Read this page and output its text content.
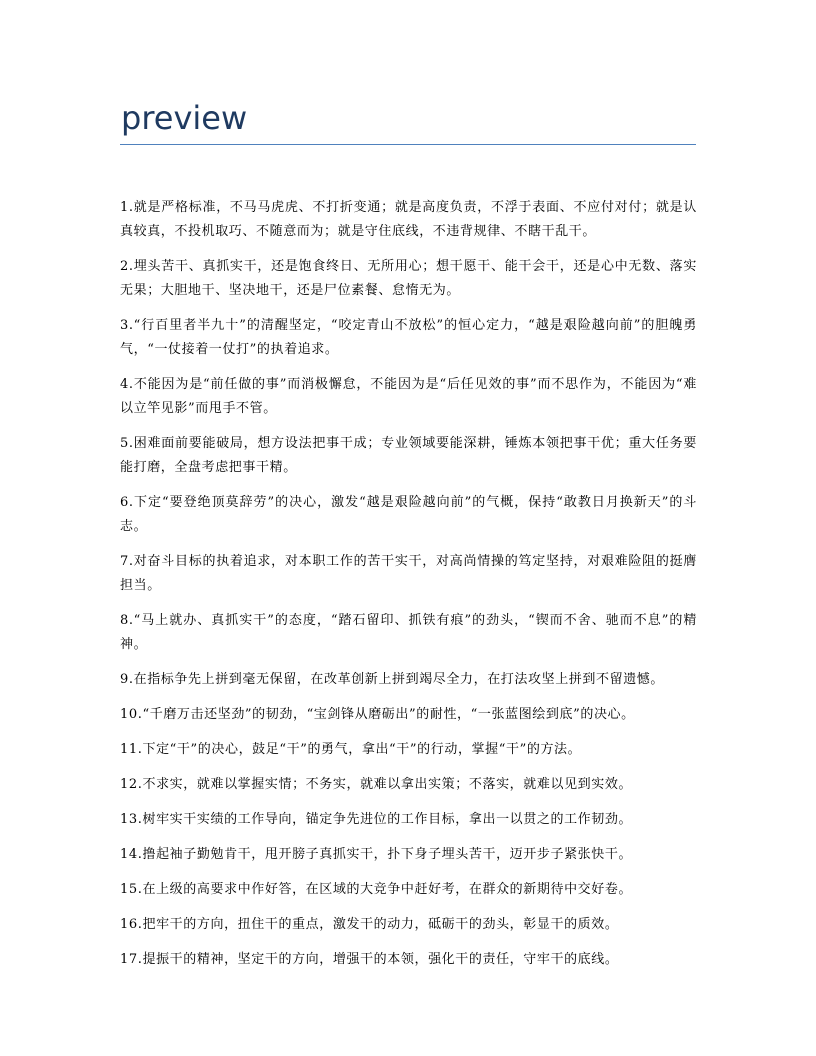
preview
1.就是严格标准，不马马虎虎、不打折变通；就是高度负责，不浮于表面、不应付对付；就是认真较真，不投机取巧、不随意而为；就是守住底线，不违背规律、不瞎干乱干。
2.埋头苦干、真抓实干，还是饱食终日、无所用心；想干愿干、能干会干，还是心中无数、落实无果；大胆地干、坚决地干，还是尸位素餐、怠惰无为。
3.“行百里者半九十”的清醒坚定，“咬定青山不放松”的恒心定力，“越是艰险越向前”的胆魄勇气，“一仗接着一仗打”的执着追求。
4.不能因为是“前任做的事”而消极懈怠，不能因为是“后任见效的事”而不思作为，不能因为“难以立竿见影”而甩手不管。
5.困难面前要能破局，想方设法把事干成；专业领域要能深耕，锤炼本领把事干优；重大任务要能打磨，全盘考虑把事干精。
6.下定“要登绝顶莫辞劳”的决心，激发“越是艰险越向前”的气概，保持“敢教日月换新天”的斗志。
7.对奋斗目标的执着追求，对本职工作的苦干实干，对高尚情操的笃定坚持，对艰难险阻的挺膺担当。
8.“马上就办、真抓实干”的态度，“踏石留印、抓铁有痕”的劲头，“锲而不舍、驰而不息”的精神。
9.在指标争先上拼到毫无保留，在改革创新上拼到竭尽全力，在打法攻坚上拼到不留遗憾。
10.“千磨万击还坚劲”的韧劲，“宝剑锋从磨砺出”的耐性，“一张蓝图绘到底”的决心。
11.下定“干”的决心，鼓足“干”的勇气，拿出“干”的行动，掌握“干”的方法。
12.不求实，就难以掌握实情；不务实，就难以拿出实策；不落实，就难以见到实效。
13.树牢实干实绩的工作导向，锚定争先进位的工作目标，拿出一以贯之的工作韧劲。
14.撸起袖子勤勉肯干，甩开膀子真抓实干，扑下身子埋头苦干，迈开步子紧张快干。
15.在上级的高要求中作好答，在区域的大竞争中赶好考，在群众的新期待中交好卷。
16.把牢干的方向，扭住干的重点，激发干的动力，砥砺干的劲头，彰显干的质效。
17.提振干的精神，坚定干的方向，增强干的本领，强化干的责任，守牢干的底线。
